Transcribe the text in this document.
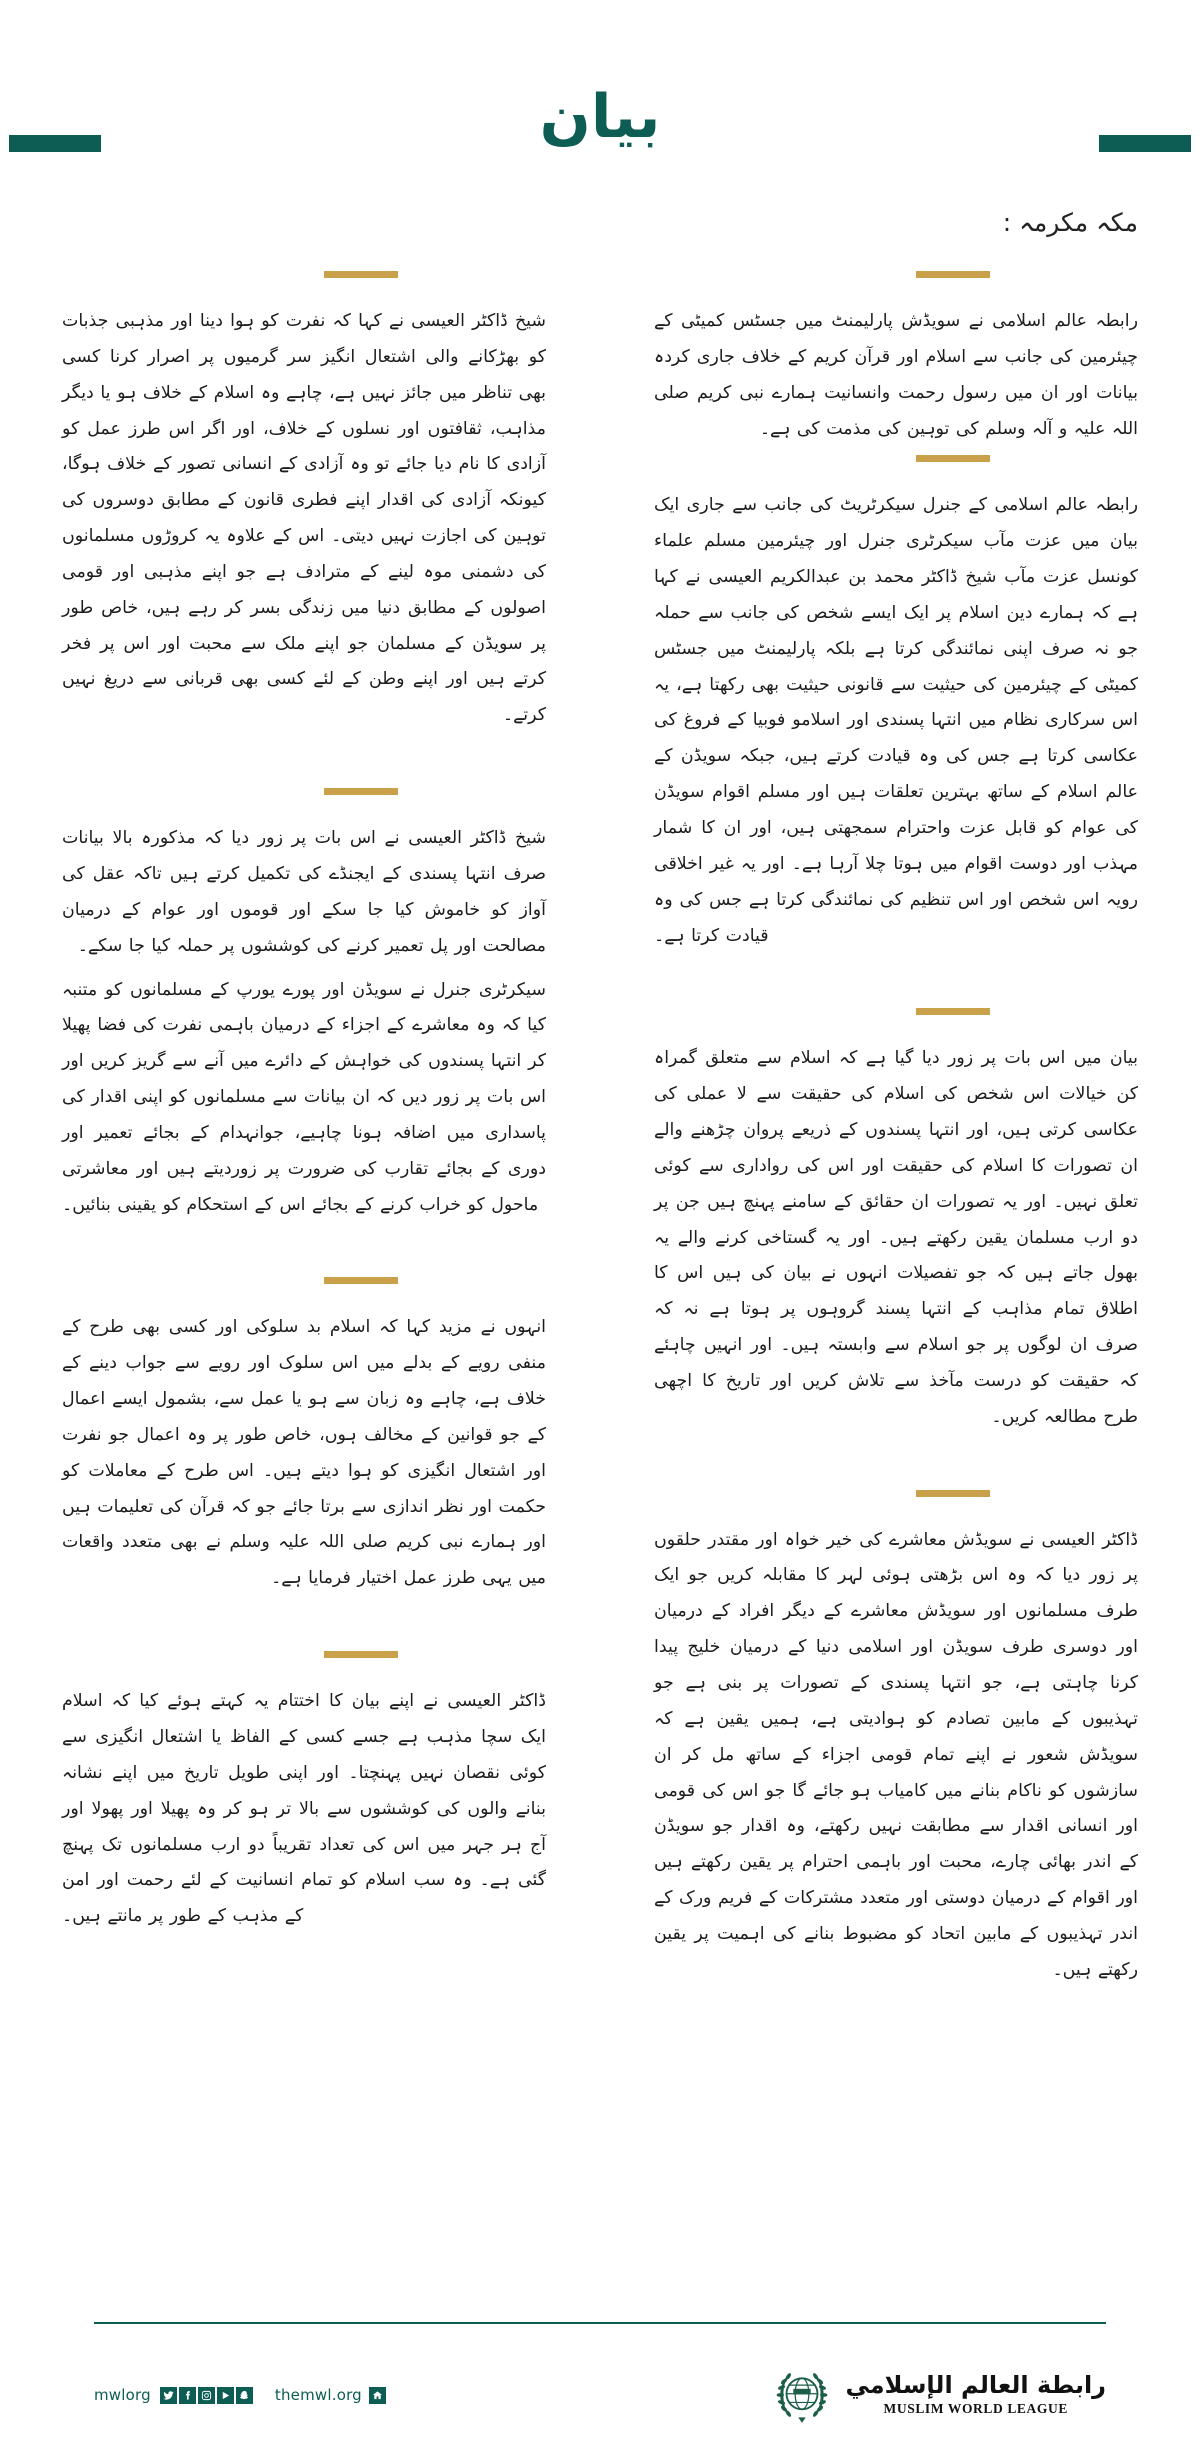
بيان
مکہ مکرمہ :
رابطہ عالم اسلامی نے سویڈش پارلیمنٹ میں جسٹس کمیٹی کے چیئرمین کی جانب سے اسلام اور قرآن کریم کے خلاف جاری کردہ بیانات اور ان میں رسول رحمت وانسانیت ہمارے نبی کریم صلی اللہ علیہ و آلہ وسلم کی توہین کی مذمت کی ہے۔
رابطہ عالم اسلامی کے جنرل سیکرٹریٹ کی جانب سے جاری ایک بیان میں عزت مآب سیکرٹری جنرل اور چیئرمین مسلم علماء کونسل عزت مآب شیخ ڈاکٹر محمد بن عبدالکریم العیسی نے کہا ہے کہ ہمارے دین اسلام پر ایک ایسے شخص کی جانب سے حملہ جو نہ صرف اپنی نمائندگی کرتا ہے بلکہ پارلیمنٹ میں جسٹس کمیٹی کے چیئرمین کی حیثیت سے قانونی حیثیت بھی رکھتا ہے، یہ اس سرکاری نظام میں انتہا پسندی اور اسلامو فوبیا کے فروغ کی عکاسی کرتا ہے جس کی وہ قیادت کرتے ہیں، جبکہ سویڈن کے عالم اسلام کے ساتھ بہترین تعلقات ہیں اور مسلم اقوام سویڈن کی عوام کو قابل عزت واحترام سمجھتی ہیں، اور ان کا شمار مہذب اور دوست اقوام میں ہوتا چلا آرہا ہے۔ اور یہ غیر اخلاقی رویہ اس شخص اور اس تنظیم کی نمائندگی کرتا ہے جس کی وہ قیادت کرتا ہے۔
بیان میں اس بات پر زور دیا گیا ہے کہ اسلام سے متعلق گمراہ کن خیالات اس شخص کی اسلام کی حقیقت سے لا عملی کی عکاسی کرتی ہیں، اور انتہا پسندوں کے ذریعے پروان چڑھنے والے ان تصورات کا اسلام کی حقیقت اور اس کی رواداری سے کوئی تعلق نہیں۔ اور یہ تصورات ان حقائق کے سامنے پہنچ ہیں جن پر دو ارب مسلمان یقین رکھتے ہیں۔ اور یہ گستاخی کرنے والے یہ بھول جاتے ہیں کہ جو تفصیلات انہوں نے بیان کی ہیں اس کا اطلاق تمام مذاہب کے انتہا پسند گروہوں پر ہوتا ہے نہ کہ صرف ان لوگوں پر جو اسلام سے وابستہ ہیں۔ اور انہیں چاہئے کہ حقیقت کو درست مآخذ سے تلاش کریں اور تاریخ کا اچھی طرح مطالعہ کریں۔
ڈاکٹر العیسی نے سویڈش معاشرے کی خیر خواہ اور مقتدر حلقوں پر زور دیا کہ وہ اس بڑھتی ہوئی لہر کا مقابلہ کریں جو ایک طرف مسلمانوں اور سویڈش معاشرے کے دیگر افراد کے درمیان اور دوسری طرف سویڈن اور اسلامی دنیا کے درمیان خلیج پیدا کرنا چاہتی ہے، جو انتہا پسندی کے تصورات پر بنی ہے جو تہذیبوں کے مابین تصادم کو ہوادیتی ہے، ہمیں یقین ہے کہ سویڈش شعور نے اپنے تمام قومی اجزاء کے ساتھ مل کر ان سازشوں کو ناکام بنانے میں کامیاب ہو جائے گا جو اس کی قومی اور انسانی اقدار سے مطابقت نہیں رکھتے، وہ اقدار جو سویڈن کے اندر بھائی چارے، محبت اور باہمی احترام پر یقین رکھتے ہیں اور اقوام کے درمیان دوستی اور متعدد مشترکات کے فریم ورک کے اندر تہذیبوں کے مابین اتحاد کو مضبوط بنانے کی اہمیت پر یقین رکھتے ہیں۔
شیخ ڈاکٹر العیسی نے کہا کہ نفرت کو ہوا دینا اور مذہبی جذبات کو بھڑکانے والی اشتعال انگیز سر گرمیوں پر اصرار کرنا کسی بھی تناظر میں جائز نہیں ہے، چاہے وہ اسلام کے خلاف ہو یا دیگر مذاہب، ثقافتوں اور نسلوں کے خلاف، اور اگر اس طرز عمل کو آزادی کا نام دیا جائے تو وہ آزادی کے انسانی تصور کے خلاف ہوگا، کیونکہ آزادی کی اقدار اپنے فطری قانون کے مطابق دوسروں کی توہین کی اجازت نہیں دیتی۔ اس کے علاوہ یہ کروڑوں مسلمانوں کی دشمنی موہ لینے کے مترادف ہے جو اپنے مذہبی اور قومی اصولوں کے مطابق دنیا میں زندگی بسر کر رہے ہیں، خاص طور پر سویڈن کے مسلمان جو اپنے ملک سے محبت اور اس پر فخر کرتے ہیں اور اپنے وطن کے لئے کسی بھی قربانی سے دریغ نہیں کرتے۔
شیخ ڈاکٹر العیسی نے اس بات پر زور دیا کہ مذکورہ بالا بیانات صرف انتہا پسندی کے ایجنڈے کی تکمیل کرتے ہیں تاکہ عقل کی آواز کو خاموش کیا جا سکے اور قوموں اور عوام کے درمیان مصالحت اور پل تعمیر کرنے کی کوششوں پر حملہ کیا جا سکے۔
سیکرٹری جنرل نے سویڈن اور پورے یورپ کے مسلمانوں کو متنبہ کیا کہ وہ معاشرے کے اجزاء کے درمیان باہمی نفرت کی فضا پھیلا کر انتہا پسندوں کی خواہش کے دائرے میں آنے سے گریز کریں اور اس بات پر زور دیں کہ ان بیانات سے مسلمانوں کو اپنی اقدار کی پاسداری میں اضافہ ہونا چاہیے، جوانہدام کے بجائے تعمیر اور دوری کے بجائے تقارب کی ضرورت پر زوردیتے ہیں اور معاشرتی ماحول کو خراب کرنے کے بجائے اس کے استحکام کو یقینی بنائیں۔
انہوں نے مزید کہا کہ اسلام بد سلوکی اور کسی بھی طرح کے منفی رویے کے بدلے میں اس سلوک اور رویے سے جواب دینے کے خلاف ہے، چاہے وہ زبان سے ہو یا عمل سے، بشمول ایسے اعمال کے جو قوانین کے مخالف ہوں، خاص طور پر وہ اعمال جو نفرت اور اشتعال انگیزی کو ہوا دیتے ہیں۔ اس طرح کے معاملات کو حکمت اور نظر اندازی سے برتا جائے جو کہ قرآن کی تعلیمات ہیں اور ہمارے نبی کریم صلی اللہ علیہ وسلم نے بھی متعدد واقعات میں یہی طرز عمل اختیار فرمایا ہے۔
ڈاکٹر العیسی نے اپنے بیان کا اختتام یہ کہتے ہوئے کیا کہ اسلام ایک سچا مذہب ہے جسے کسی کے الفاظ یا اشتعال انگیزی سے کوئی نقصان نہیں پہنچتا۔ اور اپنی طویل تاریخ میں اپنے نشانہ بنانے والوں کی کوششوں سے بالا تر ہو کر وہ پھیلا اور پھولا اور آج ہر جہر میں اس کی تعداد تقریباً دو ارب مسلمانوں تک پہنچ گئی ہے۔ وہ سب اسلام کو تمام انسانیت کے لئے رحمت اور امن کے مذہب کے طور پر مانتے ہیں۔
mwlorg	themwl.org	رابطة العالم الإسلامي
MUSLIM WORLD LEAGUE
